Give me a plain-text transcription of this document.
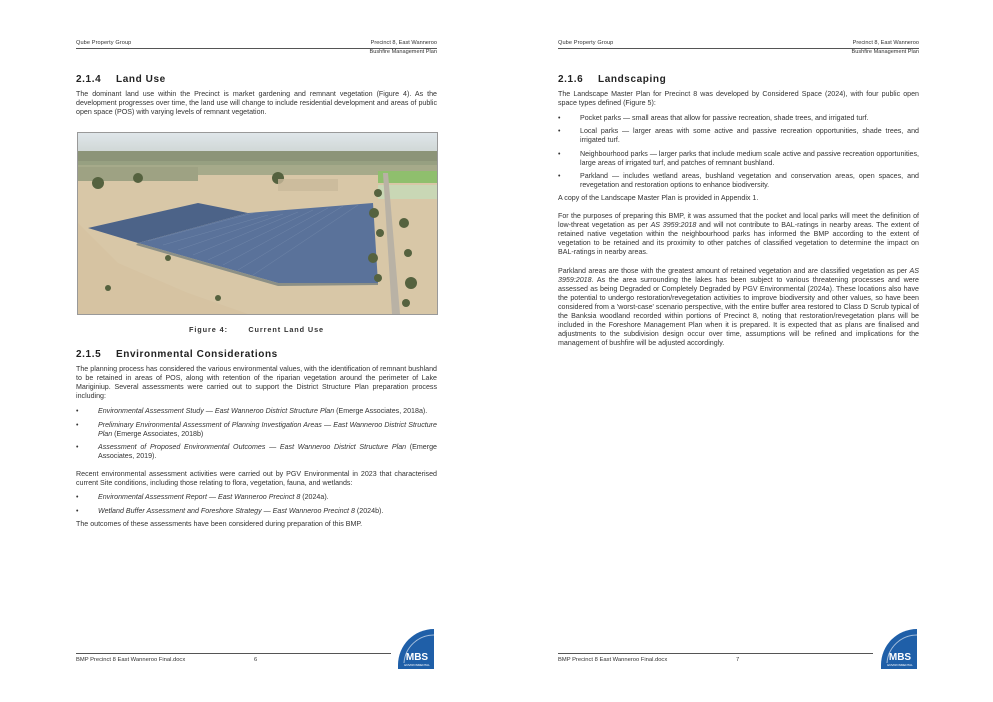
Qube Property Group	Precinct 8, East Wanneroo
Bushfire Management Plan
2.1.4 Land Use

The dominant land use within the Precinct is market gardening and remnant vegetation (Figure 4). As the development progresses over time, the land use will change to include residential development and areas of public open space (POS) with varying levels of remnant vegetation.

Figure 4:       Current Land Use
2.1.5 Environmental Considerations

The planning process has considered the various environmental values, with the identification of remnant bushland to be retained in areas of POS, along with retention of the riparian vegetation around the perimeter of Lake Mariginiup. Several assessments were carried out to support the District Structure Plan preparation process including:

•	Environmental Assessment Study — East Wanneroo District Structure Plan (Emerge Associates, 2018a).
•	Preliminary Environmental Assessment of Planning Investigation Areas — East Wanneroo District Structure Plan (Emerge Associates, 2018b)
•	Assessment of Proposed Environmental Outcomes — East Wanneroo District Structure Plan (Emerge Associates, 2019).

Recent environmental assessment activities were carried out by PGV Environmental in 2023 that characterised current Site conditions, including those relating to flora, vegetation, fauna, and wetlands:

•	Environmental Assessment Report — East Wanneroo Precinct 8 (2024a).
•	Wetland Buffer Assessment and Foreshore Strategy — East Wanneroo Precinct 8 (2024b).

The outcomes of these assessments have been considered during preparation of this BMP.

BMP Precinct 8 East Wanneroo Final.docx	6	MBS
ENVIRONMENTAL
Qube Property Group	Precinct 8, East Wanneroo
Bushfire Management Plan
2.1.6 Landscaping

The Landscape Master Plan for Precinct 8 was developed by Considered Space (2024), with four public open space types defined (Figure 5):

•	Pocket parks — small areas that allow for passive recreation, shade trees, and irrigated turf.
•	Local parks — larger areas with some active and passive recreation opportunities, shade trees, and irrigated turf.
•	Neighbourhood parks — larger parks that include medium scale active and passive recreation opportunities, large areas of irrigated turf, and patches of remnant bushland.
•	Parkland — includes wetland areas, bushland vegetation and conservation areas, open spaces, and revegetation and restoration options to enhance biodiversity.

A copy of the Landscape Master Plan is provided in Appendix 1.

For the purposes of preparing this BMP, it was assumed that the pocket and local parks will meet the definition of low-threat vegetation as per AS 3959:2018 and will not contribute to BAL-ratings in nearby areas. The extent of retained native vegetation within the neighbourhood parks has informed the BMP according to the extent of vegetation to be retained and its proximity to other patches of classified vegetation to determine the impact on BAL-ratings in nearby areas.

Parkland areas are those with the greatest amount of retained vegetation and are classified vegetation as per AS 3959:2018. As the area surrounding the lakes has been subject to various threatening processes and were assessed as being Degraded or Completely Degraded by PGV Environmental (2024a). These locations also have the potential to undergo restoration/revegetation activities to improve biodiversity and other values, so have been considered from a 'worst-case' scenario perspective, with the entire buffer area restored to Class D Scrub typical of the Banksia woodland recorded within portions of Precinct 8, noting that restoration/revegetation plans will be included in the Foreshore Management Plan when it is prepared. It is expected that as plans are finalised and adjustments to the subdivision design occur over time, assumptions will be refined and implications for the management of bushfire will be adjusted accordingly.

BMP Precinct 8 East Wanneroo Final.docx	7	MBS
ENVIRONMENTAL
